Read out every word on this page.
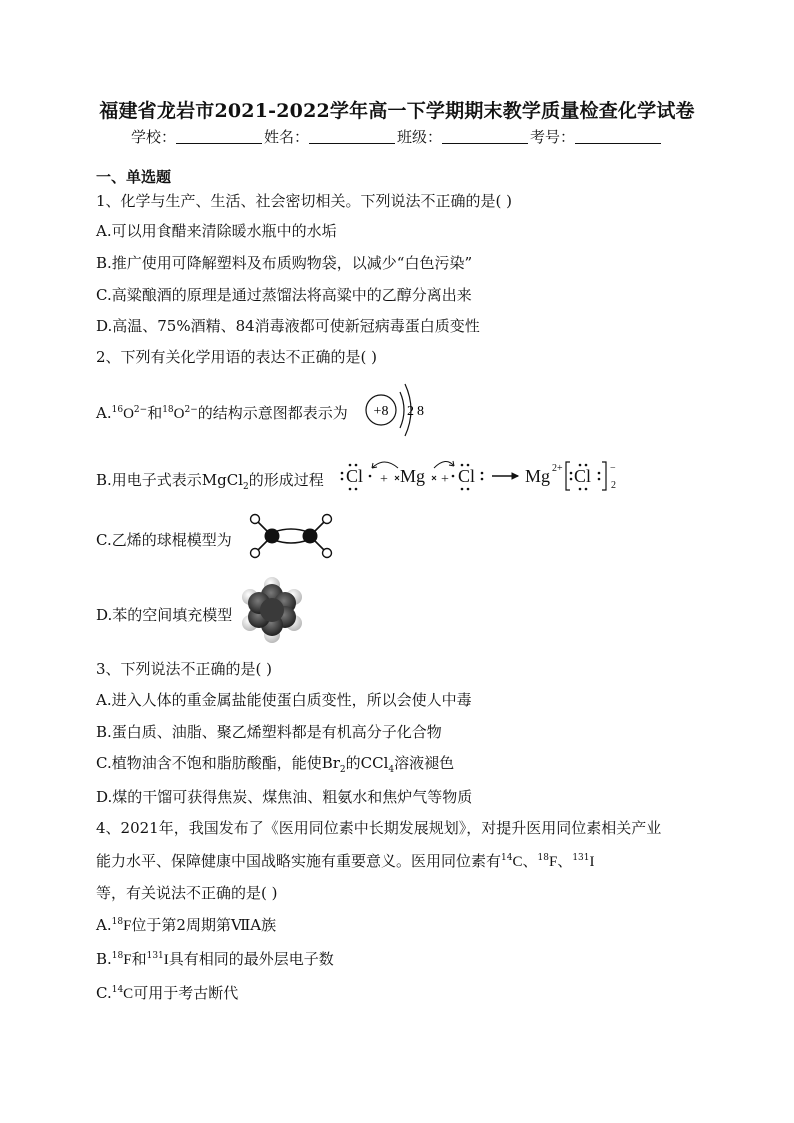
福建省龙岩市2021-2022学年高一下学期期末教学质量检查化学试卷
学校：	姓名：	班级：	考号：
一、单选题
1、化学与生产、生活、社会密切相关。下列说法不正确的是( )
A.可以用食醋来清除暖水瓶中的水垢
B.推广使用可降解塑料及布质购物袋，以减少“白色污染”
C.高粱酿酒的原理是通过蒸馏法将高粱中的乙醇分离出来
D.高温、75%酒精、84消毒液都可使新冠病毒蛋白质变性
2、下列有关化学用语的表达不正确的是( )
$A.^{16}O^{2-}$和$^{18}O^{2-}$的结构示意图都表示为 +8 2 8
B.用电子式表示MgCl$_2$的形成过程 Cl + Mg + Cl	Mg 2+ Cl −
2
C.乙烯的球棍模型为
D.苯的空间填充模型
3、下列说法不正确的是( )
A.进入人体的重金属盐能使蛋白质变性，所以会使人中毒
B.蛋白质、油脂、聚乙烯塑料都是有机高分子化合物
C.植物油含不饱和脂肪酸酯，能使$Br_2$的CCl$_4$溶液褪色
D.煤的干馏可获得焦炭、煤焦油、粗氨水和焦炉气等物质
4、2021年，我国发布了《医用同位素中长期发展规划》，对提升医用同位素相关产业
能力水平、保障健康中国战略实施有重要意义。医用同位素有$^{14}$C、$^{18}$F、$^{131}$I
等，有关说法不正确的是( )
A.$^{18}$F位于第2周期第ⅦA族
B.$^{18}$F和$^{131}$I具有相同的最外层电子数
C.$^{14}$C可用于考古断代
